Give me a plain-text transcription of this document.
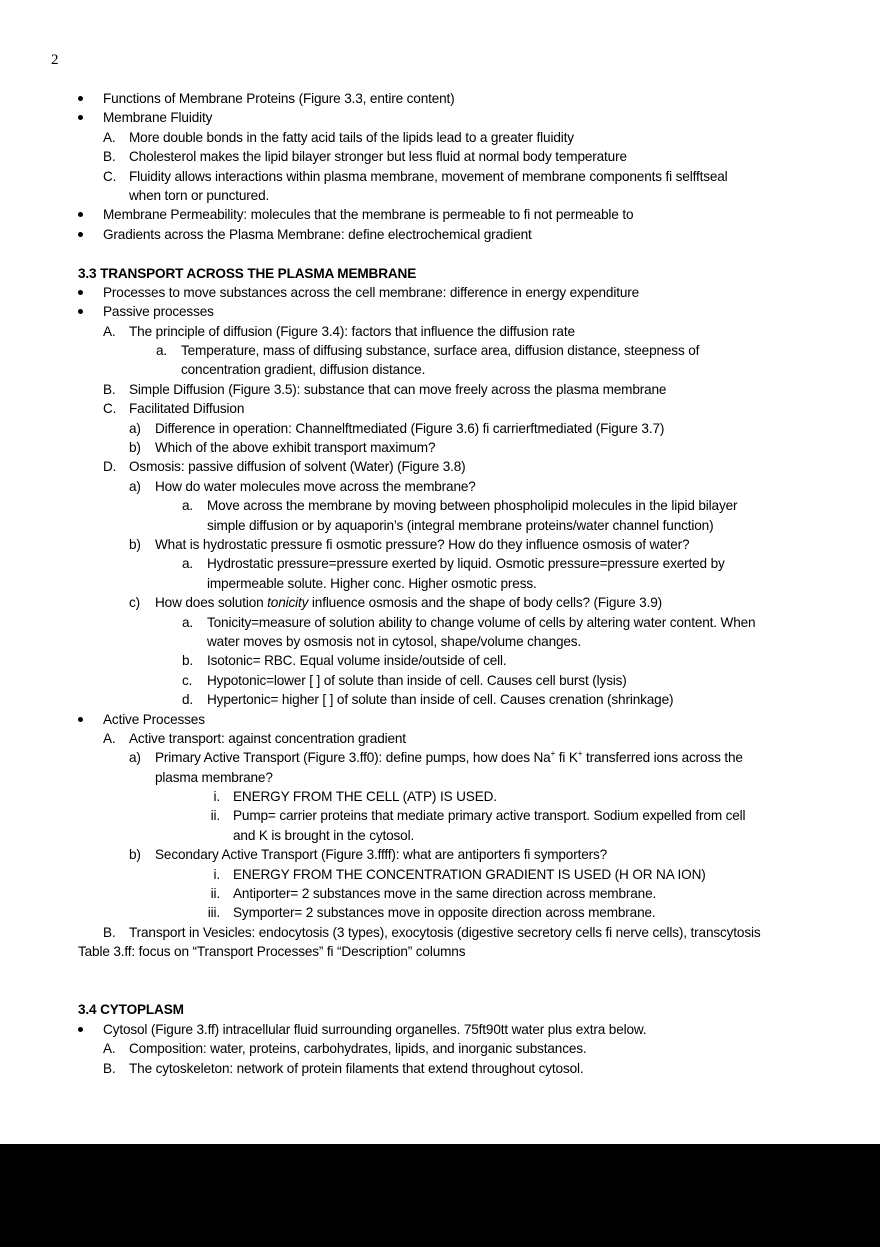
2
Functions of Membrane Proteins (Figure 3.3, entire content)
Membrane Fluidity
A. More double bonds in the fatty acid tails of the lipids lead to a greater fluidity
B. Cholesterol makes the lipid bilayer stronger but less fluid at normal body temperature
C. Fluidity allows interactions within plasma membrane, movement of membrane components fi selfftseal
when torn or punctured.
Membrane Permeability: molecules that the membrane is permeable to fi not permeable to
Gradients across the Plasma Membrane: define electrochemical gradient
3.3 TRANSPORT ACROSS THE PLASMA MEMBRANE
Processes to move substances across the cell membrane: difference in energy expenditure
Passive processes
A. The principle of diffusion (Figure 3.4): factors that influence the diffusion rate
a. Temperature, mass of diffusing substance, surface area, diffusion distance, steepness of
concentration gradient, diffusion distance.
B. Simple Diffusion (Figure 3.5): substance that can move freely across the plasma membrane
C. Facilitated Diffusion
a) Difference in operation: Channelftmediated (Figure 3.6) fi carrierftmediated (Figure 3.7)
b) Which of the above exhibit transport maximum?
D. Osmosis: passive diffusion of solvent (Water) (Figure 3.8)
a) How do water molecules move across the membrane?
a. Move across the membrane by moving between phospholipid molecules in the lipid bilayer
simple diffusion or by aquaporin’s (integral membrane proteins/water channel function)
b) What is hydrostatic pressure fi osmotic pressure? How do they influence osmosis of water?
a. Hydrostatic pressure=pressure exerted by liquid. Osmotic pressure=pressure exerted by
impermeable solute. Higher conc. Higher osmotic press.
c) How does solution tonicity influence osmosis and the shape of body cells? (Figure 3.9)
a. Tonicity=measure of solution ability to change volume of cells by altering water content. When
water moves by osmosis not in cytosol, shape/volume changes.
b. Isotonic= RBC. Equal volume inside/outside of cell.
c. Hypotonic=lower [ ] of solute than inside of cell. Causes cell burst (lysis)
d. Hypertonic= higher [ ] of solute than inside of cell. Causes crenation (shrinkage)
Active Processes
A. Active transport: against concentration gradient
a) Primary Active Transport (Figure 3.ff0): define pumps, how does Na+ fi K+ transferred ions across the
plasma membrane?
i. ENERGY FROM THE CELL (ATP) IS USED.
ii. Pump= carrier proteins that mediate primary active transport. Sodium expelled from cell
and K is brought in the cytosol.
b) Secondary Active Transport (Figure 3.ffff): what are antiporters fi symporters?
i. ENERGY FROM THE CONCENTRATION GRADIENT IS USED (H OR NA ION)
ii. Antiporter= 2 substances move in the same direction across membrane.
iii. Symporter= 2 substances move in opposite direction across membrane.
B. Transport in Vesicles: endocytosis (3 types), exocytosis (digestive secretory cells fi nerve cells), transcytosis
Table 3.ff: focus on “Transport Processes” fi “Description” columns
3.4 CYTOPLASM
Cytosol (Figure 3.ff) intracellular fluid surrounding organelles. 75ft90tt water plus extra below.
A. Composition: water, proteins, carbohydrates, lipids, and inorganic substances.
B. The cytoskeleton: network of protein filaments that extend throughout cytosol.
